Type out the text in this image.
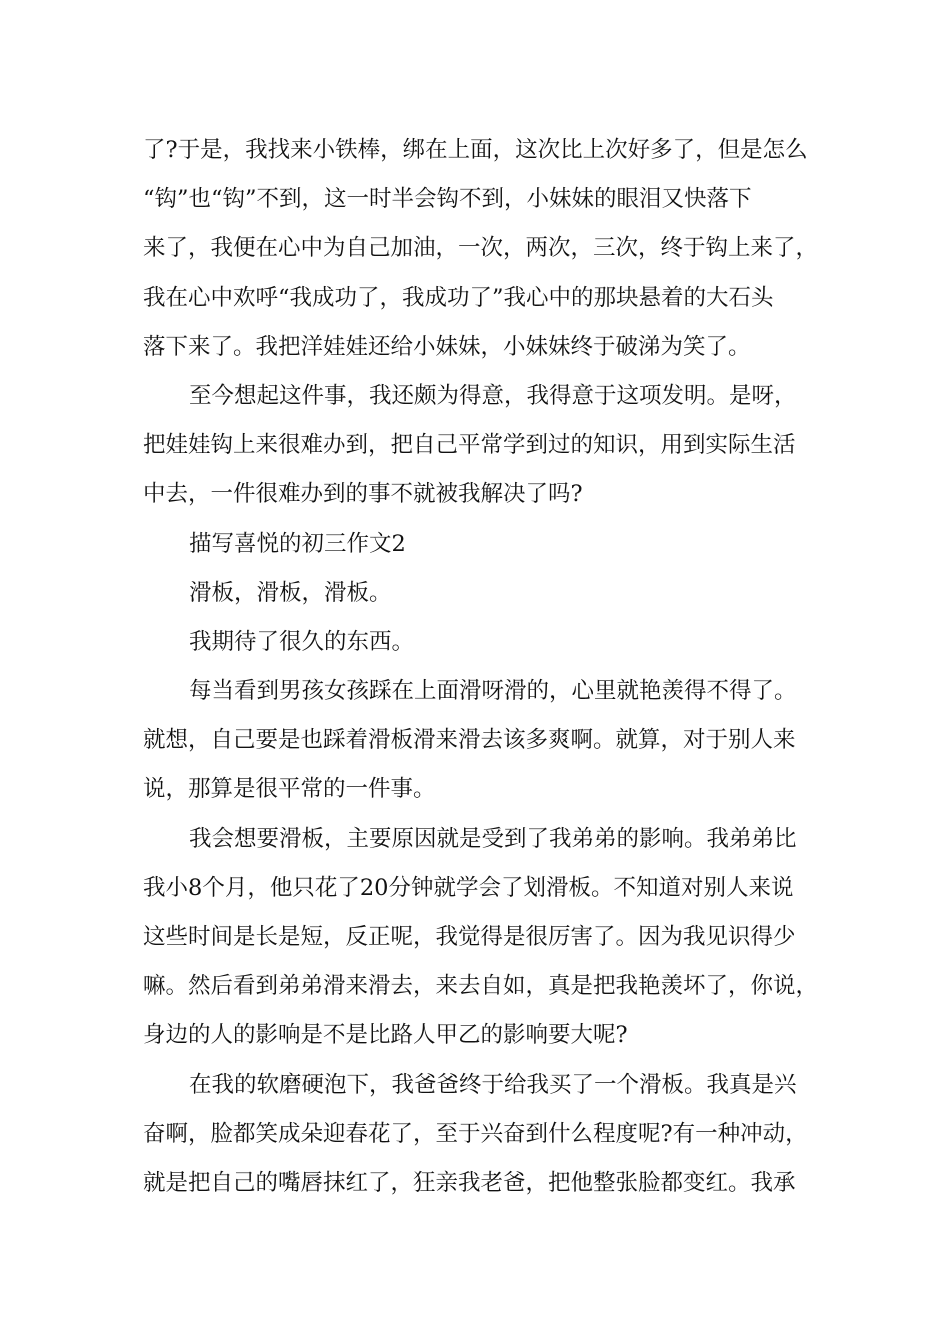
了?于是，我找来小铁棒，绑在上面，这次比上次好多了，但是怎么
“钩”也“钩”不到，这一时半会钩不到，小妹妹的眼泪又快落下
来了，我便在心中为自己加油，一次，两次，三次，终于钩上来了，
我在心中欢呼“我成功了，我成功了”我心中的那块悬着的大石头
落下来了。我把洋娃娃还给小妹妹，小妹妹终于破涕为笑了。
至今想起这件事，我还颇为得意，我得意于这项发明。是呀，
把娃娃钩上来很难办到，把自己平常学到过的知识，用到实际生活
中去，一件很难办到的事不就被我解决了吗?
描写喜悦的初三作文2
滑板，滑板，滑板。
我期待了很久的东西。
每当看到男孩女孩踩在上面滑呀滑的，心里就艳羡得不得了。
就想，自己要是也踩着滑板滑来滑去该多爽啊。就算，对于别人来
说，那算是很平常的一件事。
我会想要滑板，主要原因就是受到了我弟弟的影响。我弟弟比
我小8个月，他只花了20分钟就学会了划滑板。不知道对别人来说
这些时间是长是短，反正呢，我觉得是很厉害了。因为我见识得少
嘛。然后看到弟弟滑来滑去，来去自如，真是把我艳羡坏了，你说，
身边的人的影响是不是比路人甲乙的影响要大呢?
在我的软磨硬泡下，我爸爸终于给我买了一个滑板。我真是兴
奋啊，脸都笑成朵迎春花了，至于兴奋到什么程度呢?有一种冲动，
就是把自己的嘴唇抹红了，狂亲我老爸，把他整张脸都变红。我承
